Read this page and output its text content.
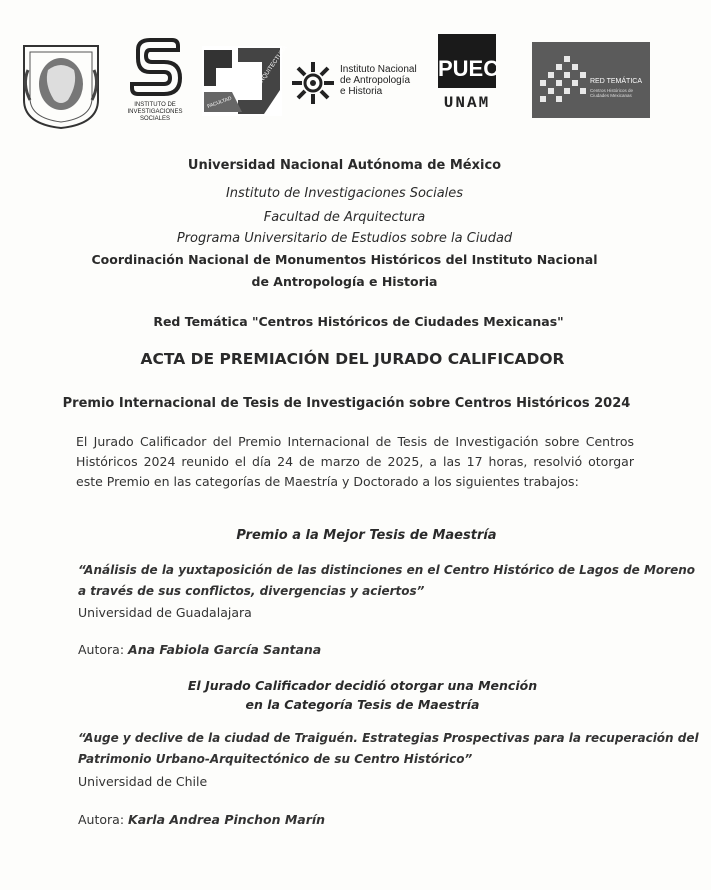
INSTITUTO DE INVESTIGACIONES SOCIALES
ARQUITECTURA
FACULTAD
Instituto Nacional
de Antropología
e Historia
PUEC
UNAM
RED TEMÁTICA
Centros Históricos de Ciudades Mexicanas
Universidad Nacional Autónoma de México
Instituto de Investigaciones Sociales
Facultad de Arquitectura
Programa Universitario de Estudios sobre la Ciudad
Coordinación Nacional de Monumentos Históricos del Instituto Nacional
de Antropología e Historia
Red Temática "Centros Históricos de Ciudades Mexicanas"
ACTA DE PREMIACIÓN DEL JURADO CALIFICADOR
Premio Internacional de Tesis de Investigación sobre Centros Históricos 2024
El Jurado Calificador del Premio Internacional de Tesis de Investigación sobre Centros Históricos 2024 reunido el día 24 de marzo de 2025, a las 17 horas, resolvió otorgar este Premio en las categorías de Maestría y Doctorado a los siguientes trabajos:
Premio a la Mejor Tesis de Maestría
“Análisis de la yuxtaposición de las distinciones en el Centro Histórico de Lagos de Moreno
a través de sus conflictos, divergencias y aciertos”
Universidad de Guadalajara
Autora: Ana Fabiola García Santana
El Jurado Calificador decidió otorgar una Mención
en la Categoría Tesis de Maestría
“Auge y declive de la ciudad de Traiguén. Estrategias Prospectivas para la recuperación del
Patrimonio Urbano-Arquitectónico de su Centro Histórico”
Universidad de Chile
Autora: Karla Andrea Pinchon Marín
